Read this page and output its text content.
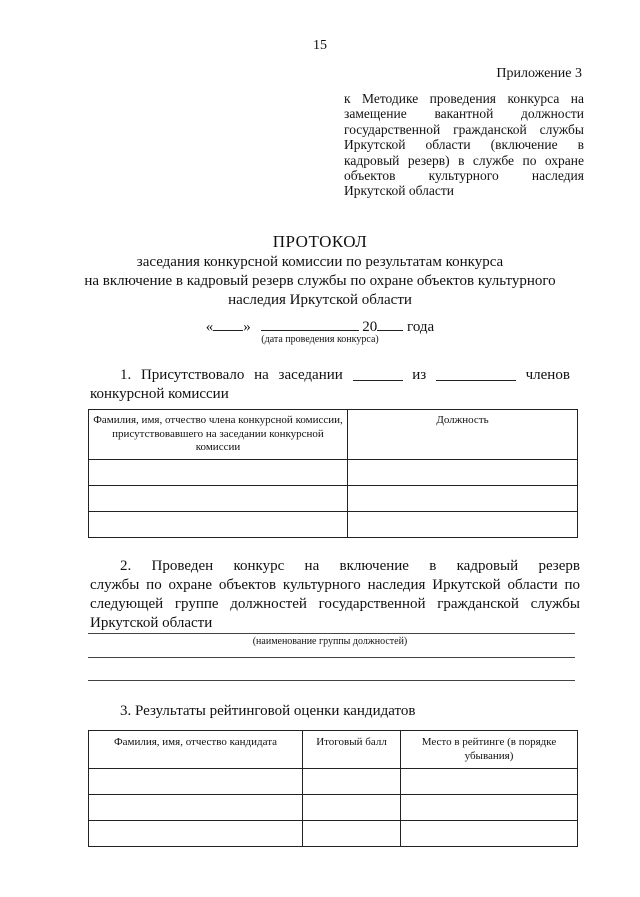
15
Приложение 3
к Методике проведения конкурса на замещение вакантной должности государственной гражданской службы Иркутской области (включение в кадровый резерв) в службе по охране объектов культурного наследия Иркутской области
ПРОТОКОЛ
заседания конкурсной комиссии по результатам конкурса
на включение в кадровый резерв службы по охране объектов культурного
наследия Иркутской области
« »	20 года
(дата проведения конкурса)
1. Присутствовало на заседании	из	членов
конкурсной комиссии
Фамилия, имя, отчество члена конкурсной комиссии, присутствовавшего на заседании конкурсной комиссии	Должность

2. Проведен конкурс на включение в кадровый резерв
службы по охране объектов культурного наследия Иркутской области по следующей группе должностей государственной гражданской службы Иркутской области
(наименование группы должностей)
3. Результаты рейтинговой оценки кандидатов
Фамилия, имя, отчество кандидата	Итоговый балл	Место в рейтинге (в порядке убывания)
